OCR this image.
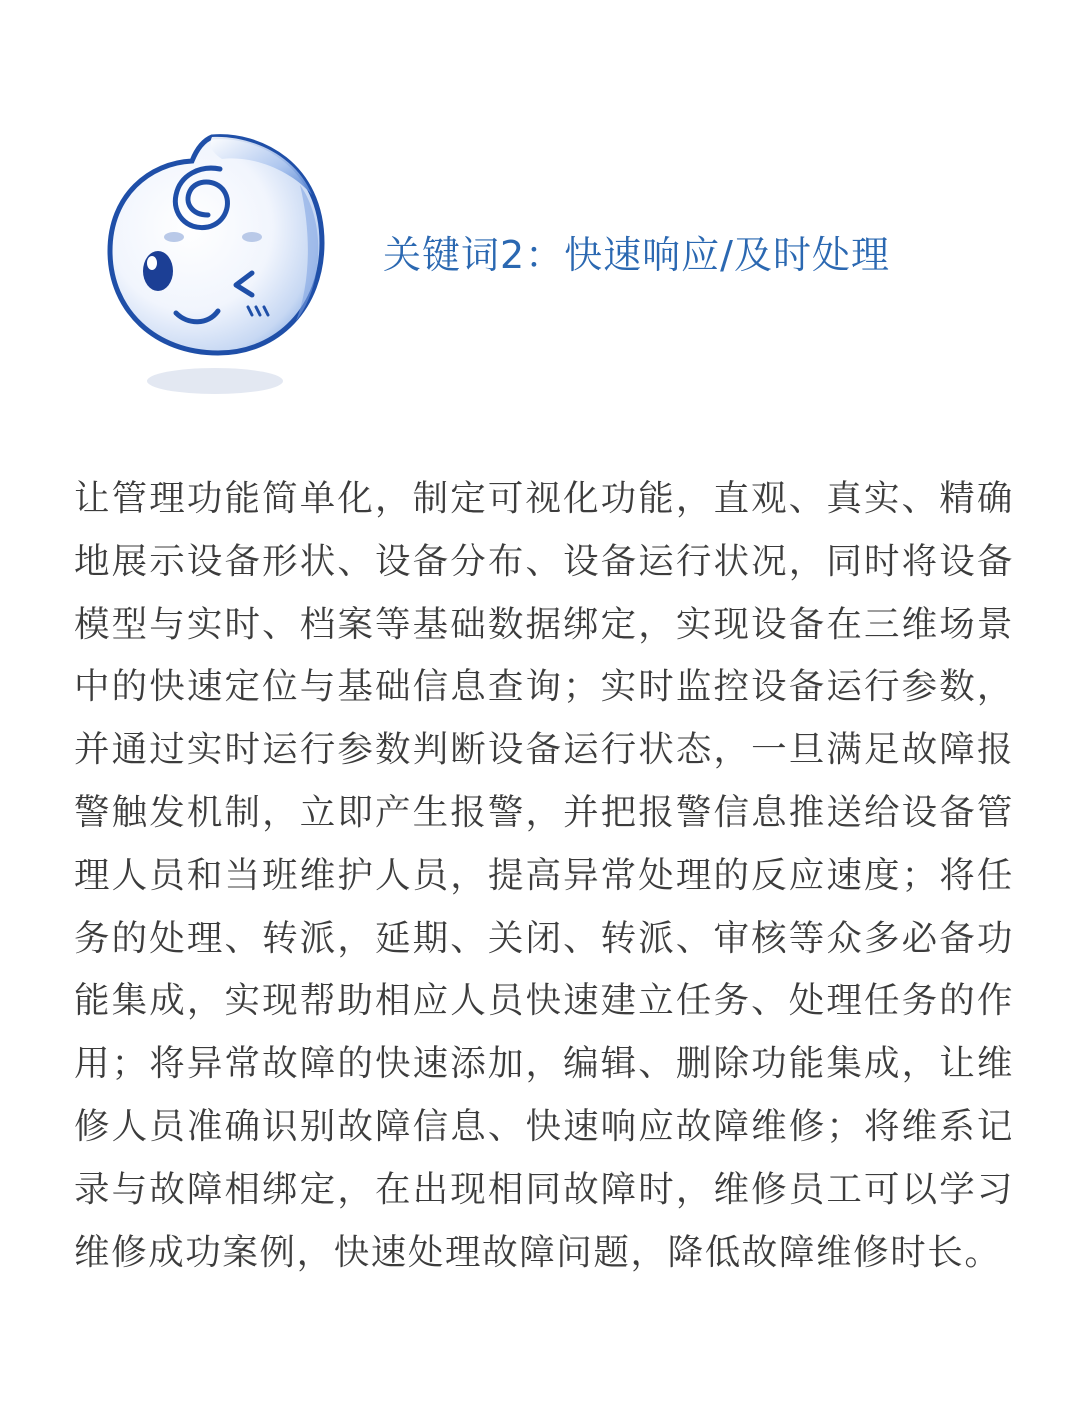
关键词2：快速响应/及时处理

让管理功能简单化，制定可视化功能，直观、真实、精确地展示设备形状、设备分布、设备运行状况，同时将设备模型与实时、档案等基础数据绑定，实现设备在三维场景中的快速定位与基础信息查询；实时监控设备运行参数，并通过实时运行参数判断设备运行状态，一旦满足故障报警触发机制，立即产生报警，并把报警信息推送给设备管理人员和当班维护人员，提高异常处理的反应速度；将任务的处理、转派，延期、关闭、转派、审核等众多必备功能集成，实现帮助相应人员快速建立任务、处理任务的作用；将异常故障的快速添加，编辑、删除功能集成，让维修人员准确识别故障信息、快速响应故障维修；将维系记录与故障相绑定，在出现相同故障时，维修员工可以学习维修成功案例，快速处理故障问题，降低故障维修时长。
